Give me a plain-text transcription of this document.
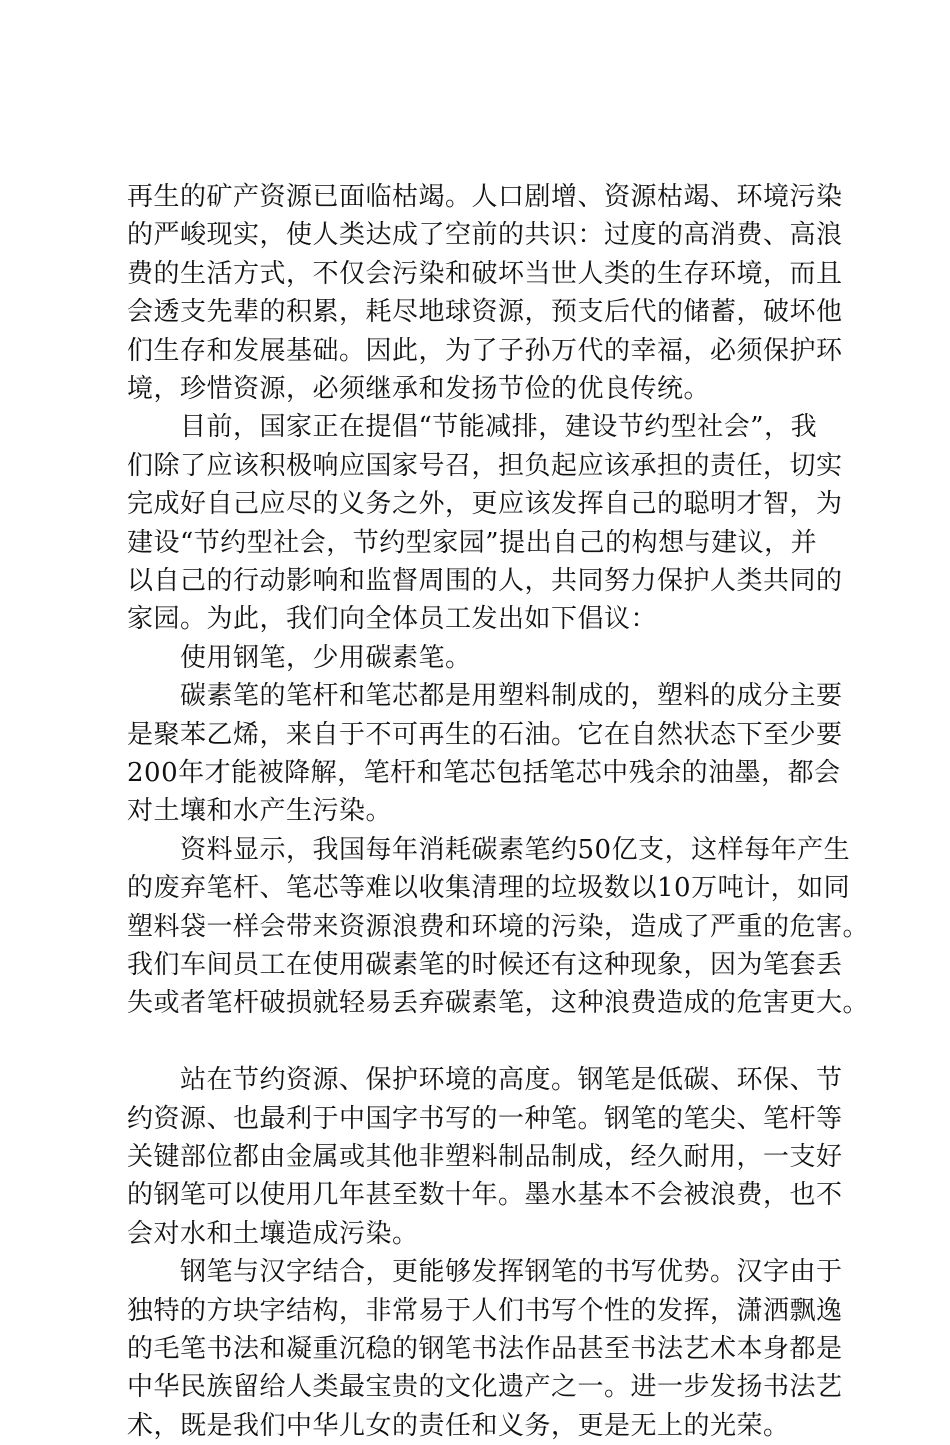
再生的矿产资源已面临枯竭。人口剧增、资源枯竭、环境污染
的严峻现实，使人类达成了空前的共识：过度的高消费、高浪
费的生活方式，不仅会污染和破坏当世人类的生存环境，而且
会透支先辈的积累，耗尽地球资源，预支后代的储蓄，破坏他
们生存和发展基础。因此，为了子孙万代的幸福，必须保护环
境，珍惜资源，必须继承和发扬节俭的优良传统。
　　目前，国家正在提倡“节能减排，建设节约型社会”，我
们除了应该积极响应国家号召，担负起应该承担的责任，切实
完成好自己应尽的义务之外，更应该发挥自己的聪明才智，为
建设“节约型社会，节约型家园”提出自己的构想与建议，并
以自己的行动影响和监督周围的人，共同努力保护人类共同的
家园。为此，我们向全体员工发出如下倡议：
　　使用钢笔，少用碳素笔。
　　碳素笔的笔杆和笔芯都是用塑料制成的，塑料的成分主要
是聚苯乙烯，来自于不可再生的石油。它在自然状态下至少要
200年才能被降解，笔杆和笔芯包括笔芯中残余的油墨，都会
对土壤和水产生污染。
　　资料显示，我国每年消耗碳素笔约50亿支，这样每年产生
的废弃笔杆、笔芯等难以收集清理的垃圾数以10万吨计，如同
塑料袋一样会带来资源浪费和环境的污染，造成了严重的危害。
我们车间员工在使用碳素笔的时候还有这种现象，因为笔套丢
失或者笔杆破损就轻易丢弃碳素笔，这种浪费造成的危害更大。
　　站在节约资源、保护环境的高度。钢笔是低碳、环保、节
约资源、也最利于中国字书写的一种笔。钢笔的笔尖、笔杆等
关键部位都由金属或其他非塑料制品制成，经久耐用，一支好
的钢笔可以使用几年甚至数十年。墨水基本不会被浪费，也不
会对水和土壤造成污染。
　　钢笔与汉字结合，更能够发挥钢笔的书写优势。汉字由于
独特的方块字结构，非常易于人们书写个性的发挥，潇洒飘逸
的毛笔书法和凝重沉稳的钢笔书法作品甚至书法艺术本身都是
中华民族留给人类最宝贵的文化遗产之一。进一步发扬书法艺
术，既是我们中华儿女的责任和义务，更是无上的光荣。
